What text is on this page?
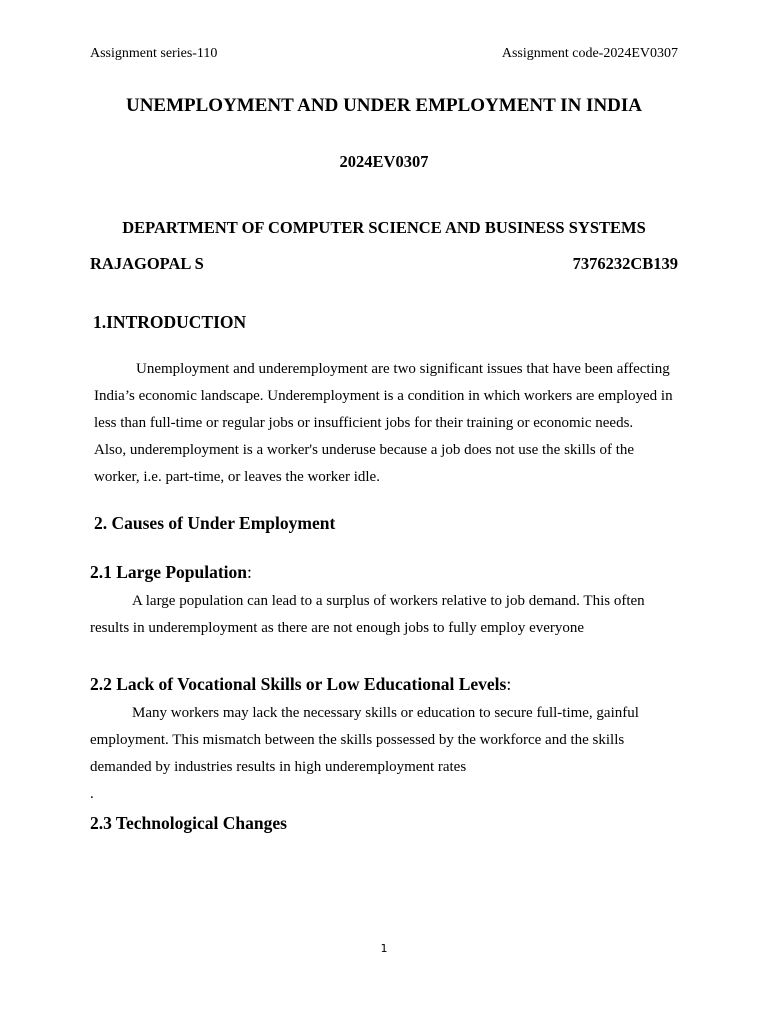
Assignment series-110	Assignment code-2024EV0307
UNEMPLOYMENT AND UNDER EMPLOYMENT IN INDIA
2024EV0307
DEPARTMENT OF COMPUTER SCIENCE AND BUSINESS SYSTEMS
RAJAGOPAL S	7376232CB139
1.INTRODUCTION
Unemployment and underemployment are two significant issues that have been affecting
India’s economic landscape. Underemployment is a condition in which workers are employed in
less than full-time or regular jobs or insufficient jobs for their training or economic needs.
Also, underemployment is a worker's underuse because a job does not use the skills of the
worker, i.e. part-time, or leaves the worker idle.
2. Causes of Under Employment
2.1 Large Population:
A large population can lead to a surplus of workers relative to job demand. This often
results in underemployment as there are not enough jobs to fully employ everyone
2.2 Lack of Vocational Skills or Low Educational Levels:
Many workers may lack the necessary skills or education to secure full-time, gainful
employment. This mismatch between the skills possessed by the workforce and the skills
demanded by industries results in high underemployment rates
.
2.3 Technological Changes
1
